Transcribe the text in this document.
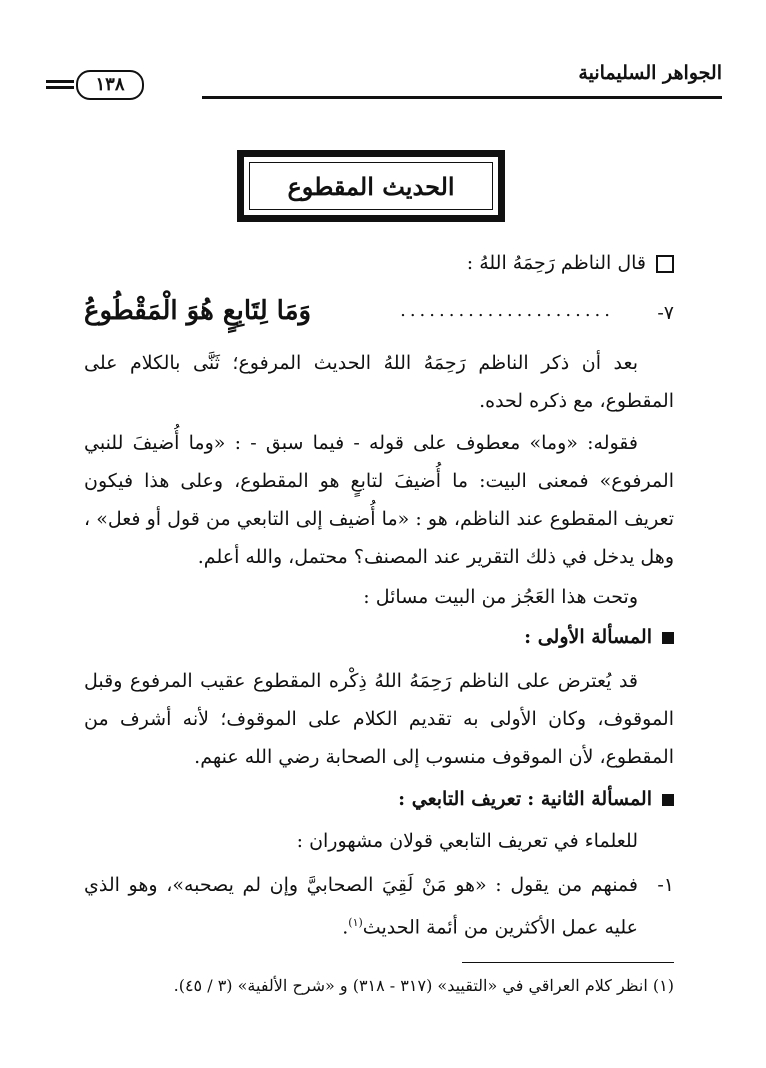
الجواهر السليمانية
١٣٨
الحديث المقطوع
قال الناظم رَحِمَهُ اللهُ :
٧-
......................
وَمَا لِتَابِعٍ هُوَ الْمَقْطُوعُ
بعد أن ذكر الناظم رَحِمَهُ اللهُ الحديث المرفوع؛ ثَنَّى بالكلام على المقطوع، مع ذكره لحده.
فقوله: «وما» معطوف على قوله - فيما سبق - : «وما أُضيفَ للنبي المرفوع» فمعنى البيت: ما أُضيفَ لتابعٍ هو المقطوع، وعلى هذا فيكون تعريف المقطوع عند الناظم، هو : «ما أُضيف إلى التابعي من قول أو فعل» ، وهل يدخل في ذلك التقرير عند المصنف؟ محتمل، والله أعلم.
وتحت هذا العَجُز من البيت مسائل :
المسألة الأولى :
قد يُعترض على الناظم رَحِمَهُ اللهُ ذِكْره المقطوع عقيب المرفوع وقبل الموقوف، وكان الأولى به تقديم الكلام على الموقوف؛ لأنه أشرف من المقطوع، لأن الموقوف منسوب إلى الصحابة رضي الله عنهم.
المسألة الثانية : تعريف التابعي :
للعلماء في تعريف التابعي قولان مشهوران :
١-
فمنهم من يقول : «هو مَنْ لَقِيَ الصحابيَّ وإن لم يصحبه»، وهو الذي عليه عمل الأكثرين من أئمة الحديث$^{(١)}$.
(١) انظر كلام العراقي في «التقييد» (٣١٧ - ٣١٨) و «شرح الألفية» (٣ / ٤٥).
